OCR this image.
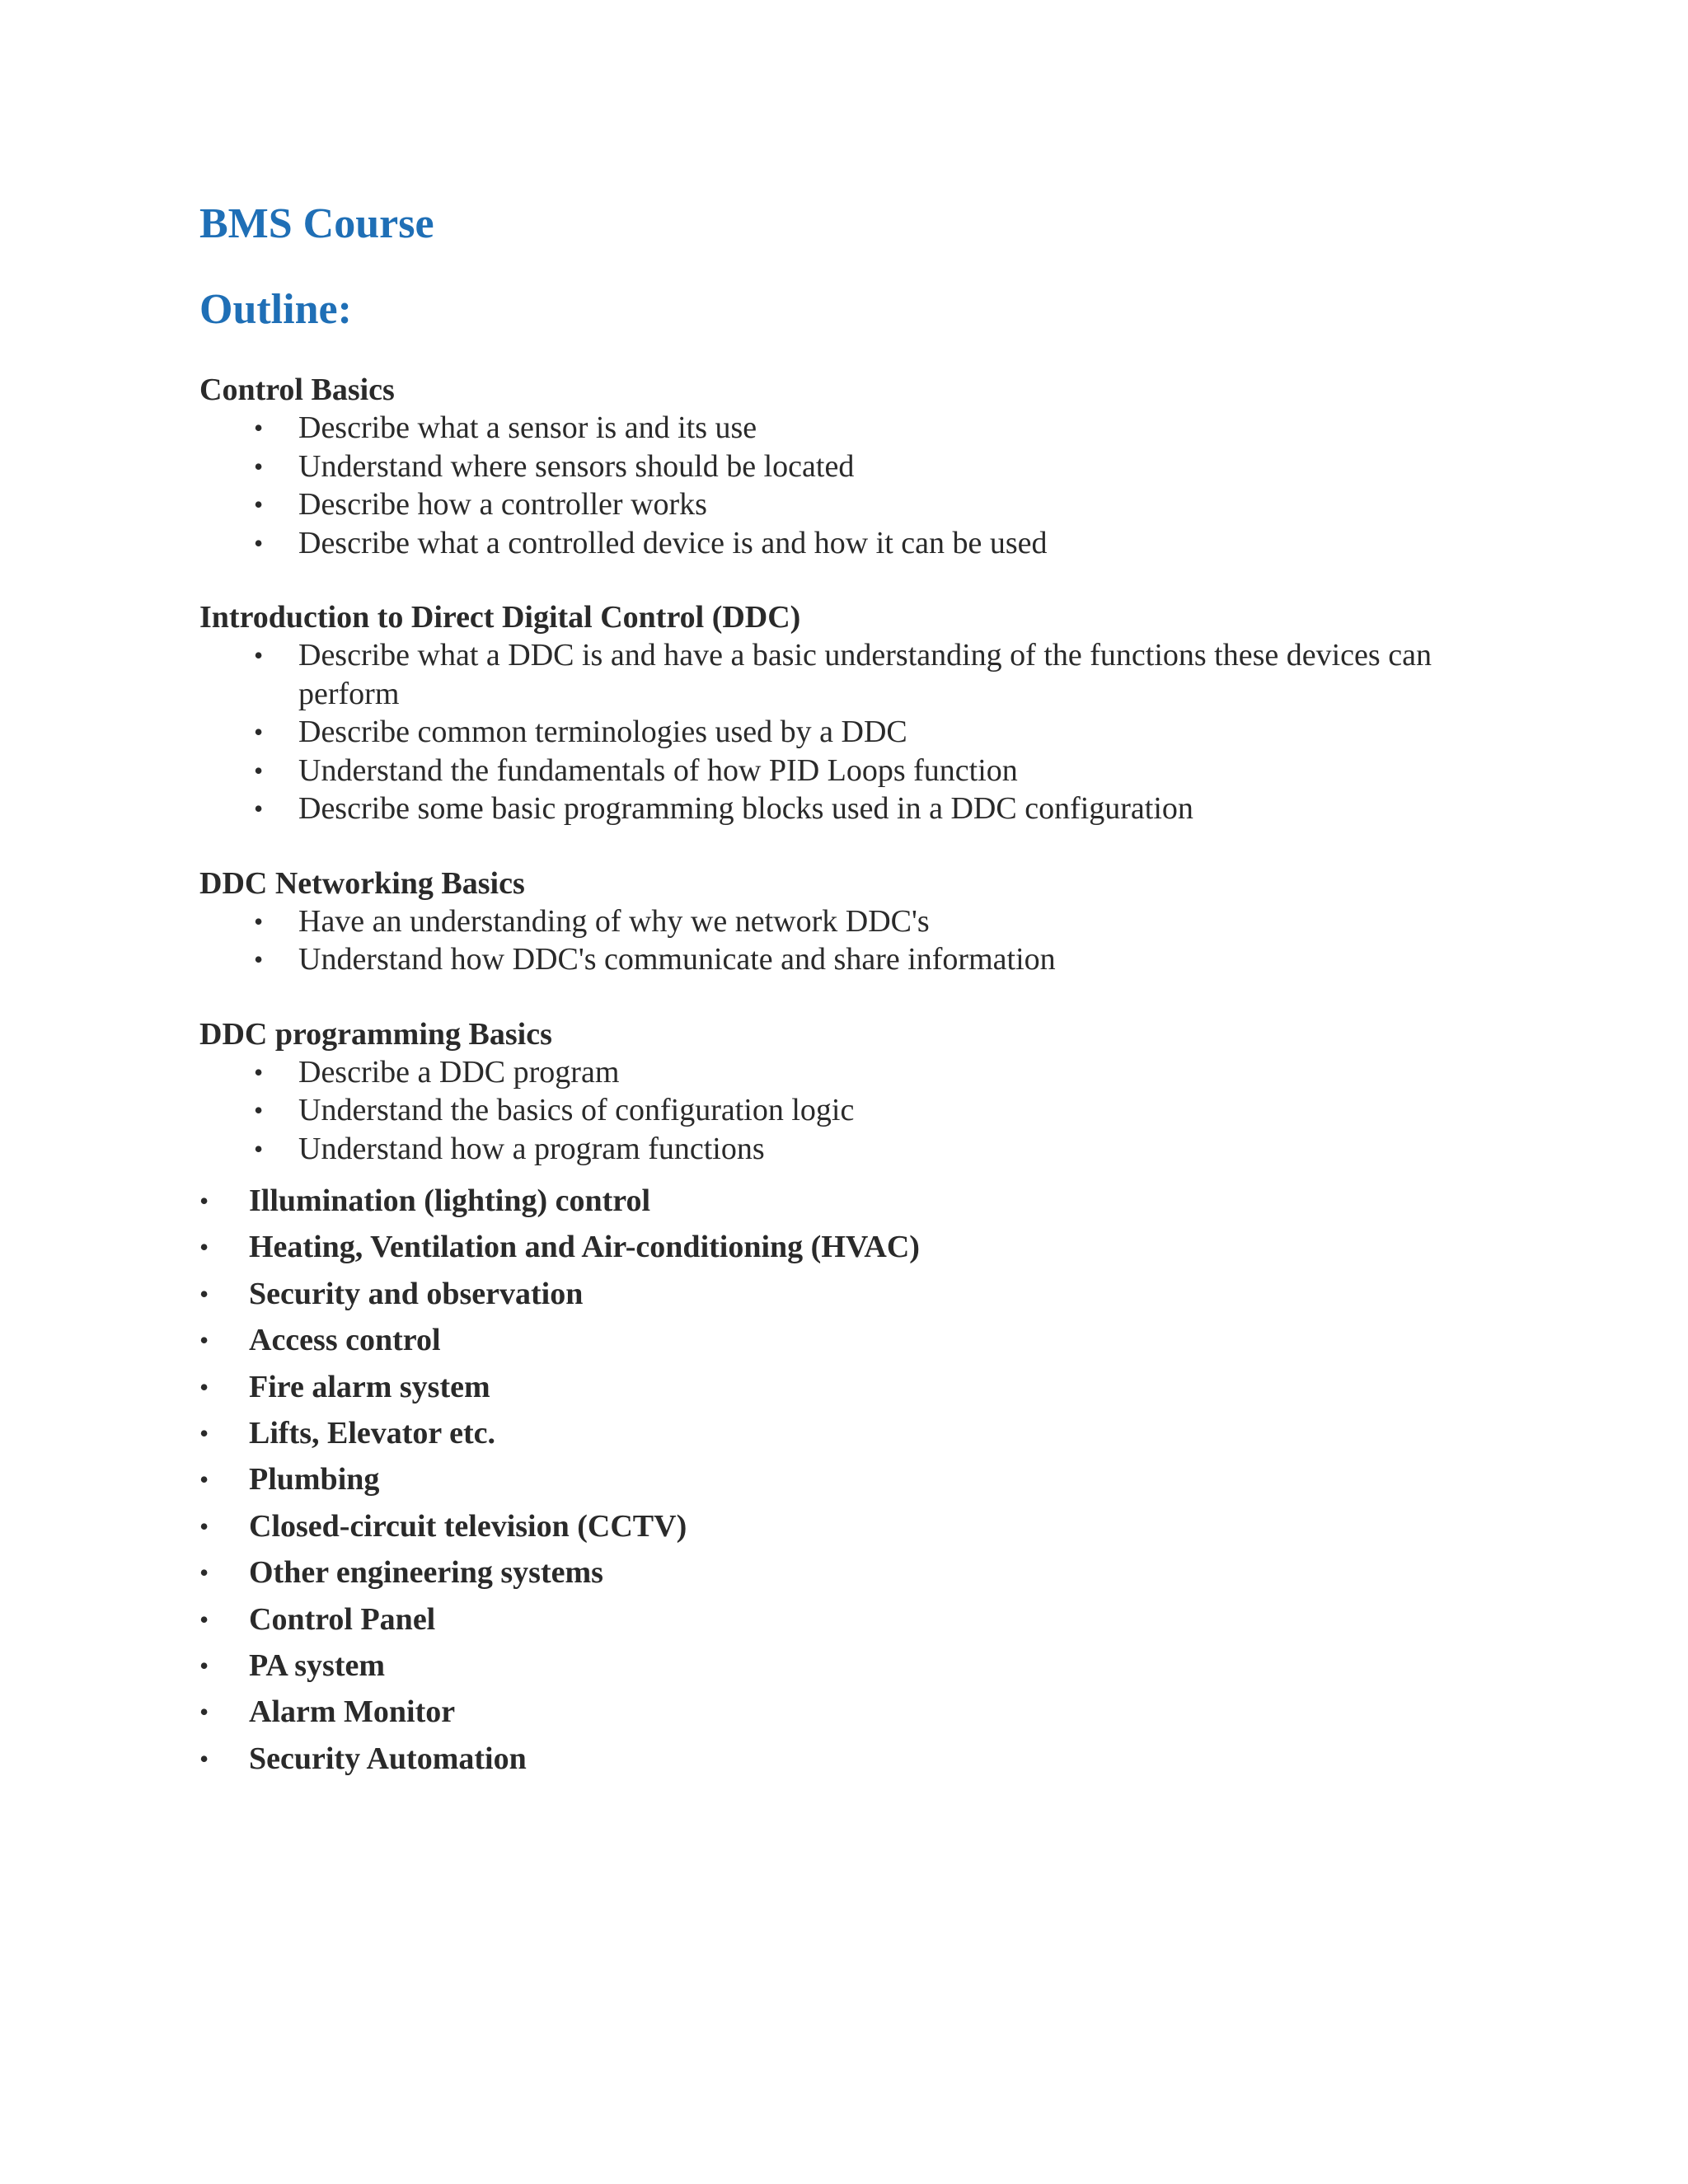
BMS Course
Outline:
Control Basics
• Describe what a sensor is and its use
• Understand where sensors should be located
• Describe how a controller works
• Describe what a controlled device is and how it can be used
Introduction to Direct Digital Control (DDC)
• Describe what a DDC is and have a basic understanding of the functions these devices can perform
• Describe common terminologies used by a DDC
• Understand the fundamentals of how PID Loops function
• Describe some basic programming blocks used in a DDC configuration
DDC Networking Basics
• Have an understanding of why we network DDC's
• Understand how DDC's communicate and share information
DDC programming Basics
• Describe a DDC program
• Understand the basics of configuration logic
• Understand how a program functions
• Illumination (lighting) control
• Heating, Ventilation and Air-conditioning (HVAC)
• Security and observation
• Access control
• Fire alarm system
• Lifts, Elevator etc.
• Plumbing
• Closed-circuit television (CCTV)
• Other engineering systems
• Control Panel
• PA system
• Alarm Monitor
• Security Automation
